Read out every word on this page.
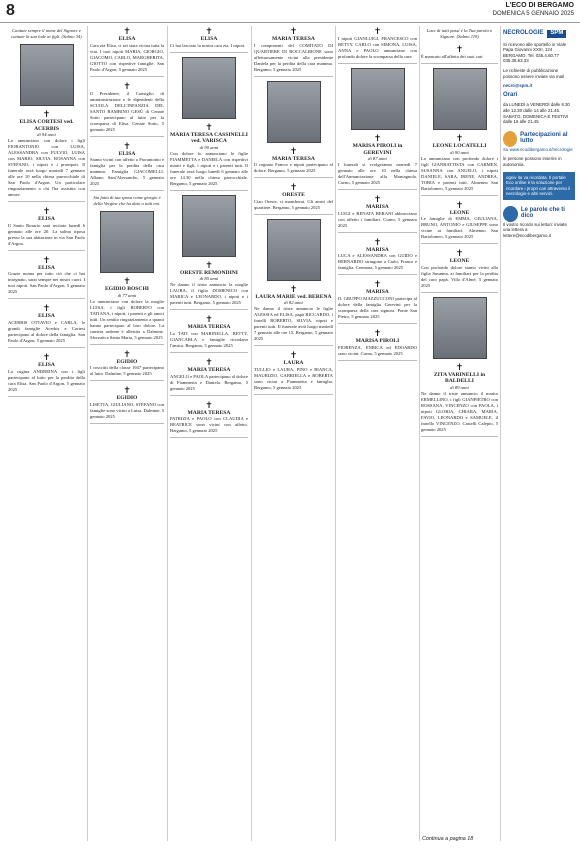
8	L'ECO DI BERGAMO
DOMENICA 5 GENNAIO 2025
Cantate sempre il nome del Signore e cantate la sua lode ai figli. (Salmo 34)
✝
ELISA CORTESI ved. ACERBIS
di 94 anni
Lo annunciano con dolore i figli FIORANTONIO con LUISA, ALESSANDRA con FULVIO, LUISA con MARIO, SILVIA, ROSANNA con STEFANO, i nipoti e i pronipoti. Il funerale avrà luogo martedì 7 gennaio alle ore 10 nella chiesa parrocchiale di San Paolo d'Argon. Un particolare ringraziamento a chi l'ha assistita con amore.
✝
ELISA
Il Santo Rosario sarà recitato lunedì 6 gennaio alle ore 20. La salma riposa presso la sua abitazione in via San Paolo d'Argon.
✝
ELISA
Grazie nonna per tutto ciò che ci hai insegnato, sarai sempre nei nostri cuori. I tuoi nipoti. San Paolo d'Argon, 5 gennaio 2025
✝
ELISA
ACERBIS OTTAVIO e CARLA, le grandi famiglie Acerbis e Cortesi partecipano al dolore della famiglia. San Paolo d'Argon, 5 gennaio 2025
✝
ELISA
La cugina ANDREINA con i figli partecipano al lutto per la perdita della cara Elisa. San Paolo d'Argon, 5 gennaio 2025
✝
ELISA
Cara zia Elisa, ci sei stata vicina tutta la vita. I tuoi nipoti MARIA, GIORGIO, GIACOMO, CARLO, MARGHERITA, GIOTTO con rispettive famiglie. San Paolo d'Argon, 5 gennaio 2025
✝
Il Presidente, il Consiglio di amministrazione e le dipendenti della SCUOLA DELL'INFANZIA DEL SANTO BAMBINO GESÙ di Cenate Sotto partecipano al lutto per la scomparsa di Elisa. Cenate Sotto, 5 gennaio 2025
✝
ELISA
Siamo vicini con affetto a Fiorantonio e famiglia per la perdita della cara mamma. Famiglia GIACOMELLI. Albano Sant'Alessandro, 5 gennaio 2025
Sia fatta di tua sposa come giorgio è della Vergine che ha dato a tutti noi.
✝
EGIDIO BOSCHI
di 77 anni
Lo annunciano con dolore la moglie LUISA, i figli ROBERTO con TATIANA, i nipoti, i parenti e gli amici tutti. Un sentito ringraziamento a quanti hanno partecipato al loro dolore. La camera ardente è allestita a Dalmine. Sforzatica Santa Maria, 5 gennaio 2025
✝
EGIDIO
I coscritti della classe 1947 partecipano al lutto. Dalmine, 5 gennaio 2025
✝
EGIDIO
LISETTA, GIULIANO, STEFANO con famiglie sono vicini a Luisa. Dalmine, 5 gennaio 2025
✝
ELISA
Ci hai lasciato la nostra cara zia. I nipoti.
✝
MARIA TERESA CASSINELLI ved. VARISCA
di 90 anni
Con dolore lo annunciano le figlie FIAMMETTA e DANIELA con rispettivi mariti e figli, i nipoti e i parenti tutti. Il funerale avrà luogo lunedì 6 gennaio alle ore 14.30 nella chiesa parrocchiale. Bergamo, 5 gennaio 2025
✝
ORESTE REMONDINI
di 85 anni
Ne danno il triste annuncio la moglie LAURA, il figlio DOMENICO con MARICA e LEONARDO, i nipoti e i parenti tutti. Bergamo, 5 gennaio 2025
✝
MARIA TERESA
La TATI con MARINELLA, BETTY, GIANCARLA e famiglie ricordano l'amica. Bergamo, 5 gennaio 2025
✝
MARIA TERESA
ANGELO e PAOLA partecipano al dolore di Fiammetta e Daniela. Bergamo, 5 gennaio 2025
✝
MARIA TERESA
PATRIZIA e PAOLO con CLAUDIA e BEATRICE sono vicini con affetto. Bergamo, 5 gennaio 2025
✝
MARIA TERESA
I componenti del COMITATO DI QUARTIERE DI ROCCALBIONE sono affettuosamente vicini alla presidente Daniela per la perdita della cara mamma. Bergamo, 5 gennaio 2025
✝
MARIA TERESA
Il cognato Franco e nipoti partecipano al dolore. Bergamo, 5 gennaio 2025
✝
ORESTE
Ciao Oreste, ci mancherai. Gli amici del quartiere. Bergamo, 5 gennaio 2025
✝
LAURA MARIE ved. BERENA
di 82 anni
Ne danno il triste annuncio le figlie ALESSIA ed ELISA, papà RICCARDO, i fratelli ROBERTO, SILVIA, nipoti e parenti tutti. Il funerale avrà luogo martedì 7 gennaio alle ore 15. Bergamo, 5 gennaio 2025
✝
LAURA
TULLIO e LAURA, PINO e BIANCA, MAURIZIO, GABRIELLA e ROBERTA sono vicini a Fiammetta e famiglia. Bergamo, 5 gennaio 2025
✝
I nipoti GIANLUIGI, FRANCESCO con BETTY, CARLO con SIMONA, LUISA, ANNA e PAOLO annunciano con profondo dolore la scomparsa della cara
✝
MARISA PIROLI in GEREVINI
di 87 anni
I funerali si svolgeranno martedì 7 gennaio alle ore 10 nella chiesa dell'Annunciazione alla Montagnola. Curno, 5 gennaio 2025
✝
MARISA
LUIGI e RENATA BERANI abbracciano con affetto i familiari. Curno, 5 gennaio 2025
✝
MARISA
LUCA e ALESSANDRA con GUIDO e BERNARDO stringono a Carlo, Franco e famiglia. Cremona, 5 gennaio 2025
✝
MARISA
IL GRUPPO MAZZUCCONI partecipa al dolore della famiglia Gerevini per la scomparsa della cara signora. Ponte San Pietro, 5 gennaio 2025
✝
MARISA PIROLI
FIORENZA, ENRICA ed EDOARDO sono vicini. Curno, 5 gennaio 2025
Luce di tutti passi è la Tua parola o Signore. (Salmo 119)
✝
È mancato all'affetto dei suoi cari
✝
LEONE LOCATELLI
di 90 anni
Lo annunciano con profondo dolore i figli GIANBATTISTA con CARMEN, SUSANNA con ANGELO, i nipoti DANIELE, SARA, IRENE, ANDREA, TOBIA e parenti tutti. Almenno San Bartolomeo, 5 gennaio 2025
✝
LEONE
Le famiglie di EMMA, GIULIANA, BRUNO, ANTONIO e GIUSEPPE sono vicine ai familiari. Almenno San Bartolomeo, 5 gennaio 2025
✝
LEONE
Con profondo dolore siamo vicini alla figlia Susanna, ai familiari per la perdita del caro papà. Villa d'Almè, 5 gennaio 2025
✝
ZITA VARINELLI in BALDELLI
di 89 anni
Ne danno il triste annuncio il marito ERMELLINO, i figli GIANPIETRO con ROSSANA, VINCENZO con PAOLA, i nipoti GLORIA, CHIARA, MARIA, FAVIO, LEONARDO e SAMUELE, il fratello VINCENZO. Castelli Calepio, 5 gennaio 2025
NECROLOGIE	SPM

Si ricevono alle sportello in Viale Papa Giovanni XXIII, 124 BERGAMO. Tel. 035.4.60.77 035.38.63.33

Le richieste di pubblicazione possono essere inviate via mail

necro@spm.it

Orari

da LUNEDÌ a VENERDÌ dalle 8.30 alle 12.30 dalle 14 alle 21.45. SABATO, DOMENICA E FESTIVI dalle 16 alle 21.45

Partecipazioni al lutto

Su www.ecodibergamo.it/necrologie

le persone possono inserire in autonomia.

ogniv ita va ricordata. Il portale Eco online è la soluzione per ricordare i propri cari attraverso il necrologio e altri servizi.
Le parole che ti dico

Il vostro ricordo sui lettori: inviate una lettera a lettere@ecodibergamo.it

Continua a pagina 18
